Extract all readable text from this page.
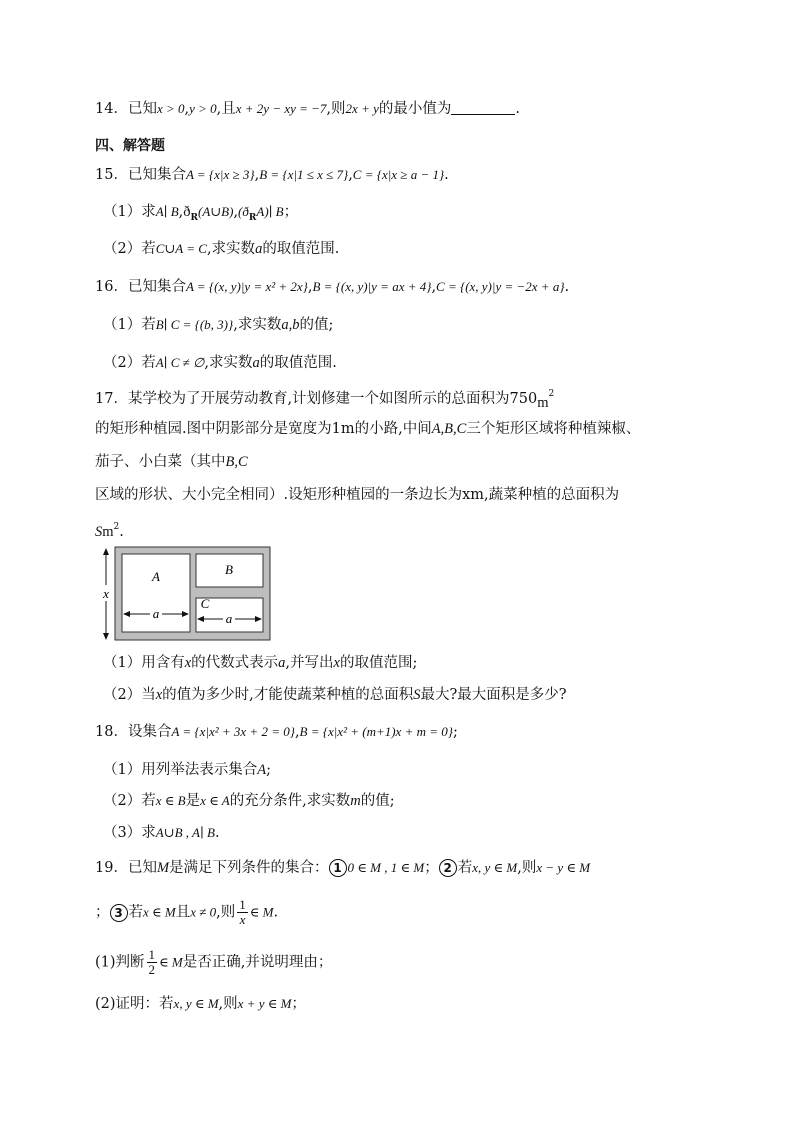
14．已知x > 0,y > 0,且x + 2y − xy = −7,则2x + y的最小值为	.
四、解答题
15．已知集合A = {x|x ≥ 3},B = {x|1 ≤ x ≤ 7},C = {x|x ≥ a − 1}.
（1）求A∣ $B,ð_R(A\cup B),(ð_RA)∣$ B；
（2）若C∪A = C,求实数a的取值范围.
16．已知集合A = {(x, y)|y = x² + 2x},B = {(x, y)|y = ax + 4},C = {(x, y)|y = −2x + a}.
（1）若B∣ C = {(b, 3)},求实数a,b的值;
（2）若A∣ C ≠ ∅,求实数a的取值范围.
17．某学校为了开展劳动教育,计划修建一个如图所示的总面积为$750m^2$
的矩形种植园.图中阴影部分是宽度为1m的小路,中间A,B,C三个矩形区域将种植辣椒、
茄子、小白菜（其中B,C
区域的形状、大小完全相同）.设矩形种植园的一条边长为xm,蔬菜种植的总面积为
Sm$^2$.
x
A	B
C
a	a
（1）用含有x的代数式表示a,并写出x的取值范围;
（2）当x的值为多少时,才能使蔬菜种植的总面积S最大?最大面积是多少?
18．设集合A = {x|x² + 3x + 2 = 0},B = {x|x² + (m+1)x + m = 0};
（1）用列举法表示集合A;
（2）若x ∈ B是x ∈ A的充分条件,求实数m的值;
（3）求A∪B , A∣ B.
19．已知M是满足下列条件的集合： 1 0 ∈ M , 1 ∈ M； 2 若x, y ∈ M,则x − y ∈ M
； 3 若x ∈ M且x ≠ 0,则 $\frac{1}{x}$ ∈ M.
(1)判断 $\frac{1}{2}$ ∈ M是否正确,并说明理由；
(2)证明：若x, y ∈ M,则x + y ∈ M；
